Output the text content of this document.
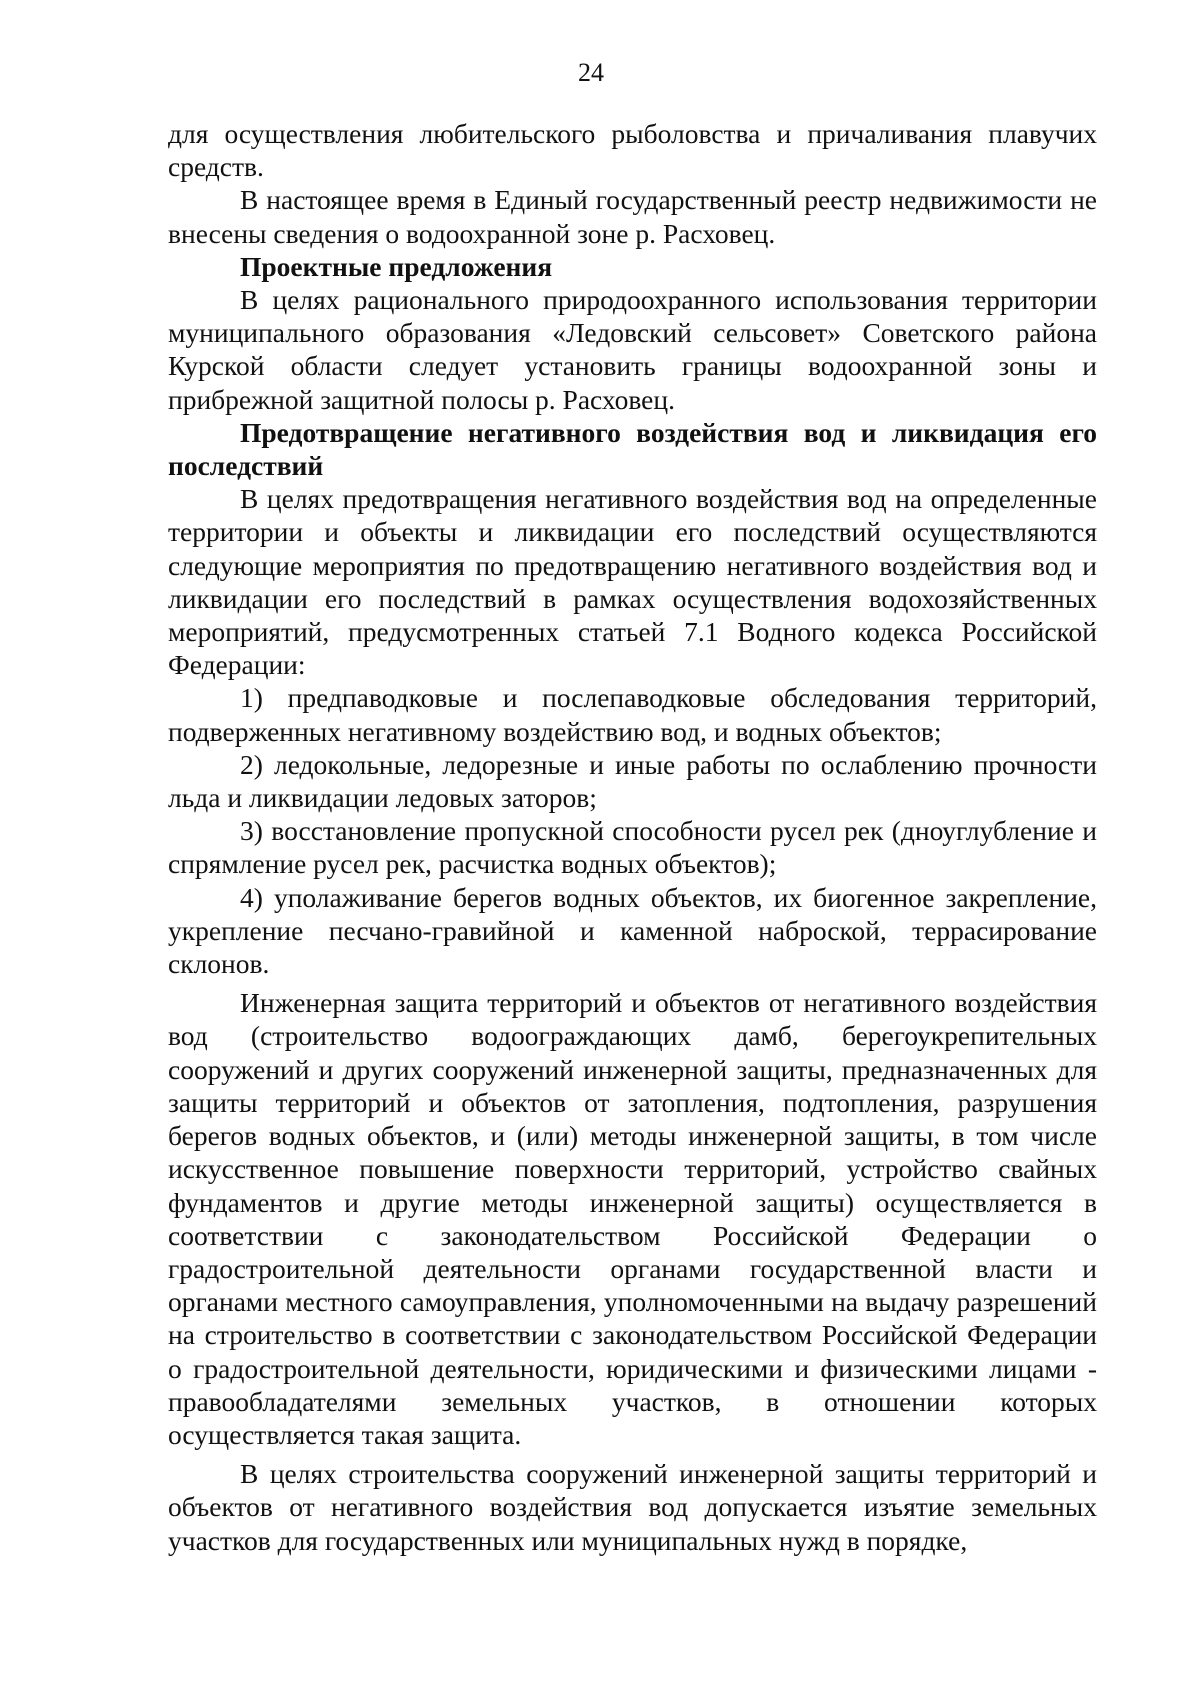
24

для осуществления любительского рыболовства и причаливания плавучих средств.

В настоящее время в Единый государственный реестр недвижимости не внесены сведения о водоохранной зоне р. Расховец.

Проектные предложения

В целях рационального природоохранного использования территории муниципального образования «Ледовский сельсовет» Советского района Курской области следует установить границы водоохранной зоны и прибрежной защитной полосы р. Расховец.

Предотвращение негативного воздействия вод и ликвидация его последствий

В целях предотвращения негативного воздействия вод на определенные территории и объекты и ликвидации его последствий осуществляются следующие мероприятия по предотвращению негативного воздействия вод и ликвидации его последствий в рамках осуществления водохозяйственных мероприятий, предусмотренных статьей 7.1 Водного кодекса Российской Федерации:

1) предпаводковые и послепаводковые обследования территорий, подверженных негативному воздействию вод, и водных объектов;

2) ледокольные, ледорезные и иные работы по ослаблению прочности льда и ликвидации ледовых заторов;

3) восстановление пропускной способности русел рек (дноуглубление и спрямление русел рек, расчистка водных объектов);

4) уполаживание берегов водных объектов, их биогенное закрепление, укрепление песчано-гравийной и каменной наброской, террасирование склонов.

Инженерная защита территорий и объектов от негативного воздействия вод (строительство водоограждающих дамб, берегоукрепительных сооружений и других сооружений инженерной защиты, предназначенных для защиты территорий и объектов от затопления, подтопления, разрушения берегов водных объектов, и (или) методы инженерной защиты, в том числе искусственное повышение поверхности территорий, устройство свайных фундаментов и другие методы инженерной защиты) осуществляется в соответствии с законодательством Российской Федерации о градостроительной деятельности органами государственной власти и органами местного самоуправления, уполномоченными на выдачу разрешений на строительство в соответствии с законодательством Российской Федерации о градостроительной деятельности, юридическими и физическими лицами - правообладателями земельных участков, в отношении которых осуществляется такая защита.

В целях строительства сооружений инженерной защиты территорий и объектов от негативного воздействия вод допускается изъятие земельных участков для государственных или муниципальных нужд в порядке,
